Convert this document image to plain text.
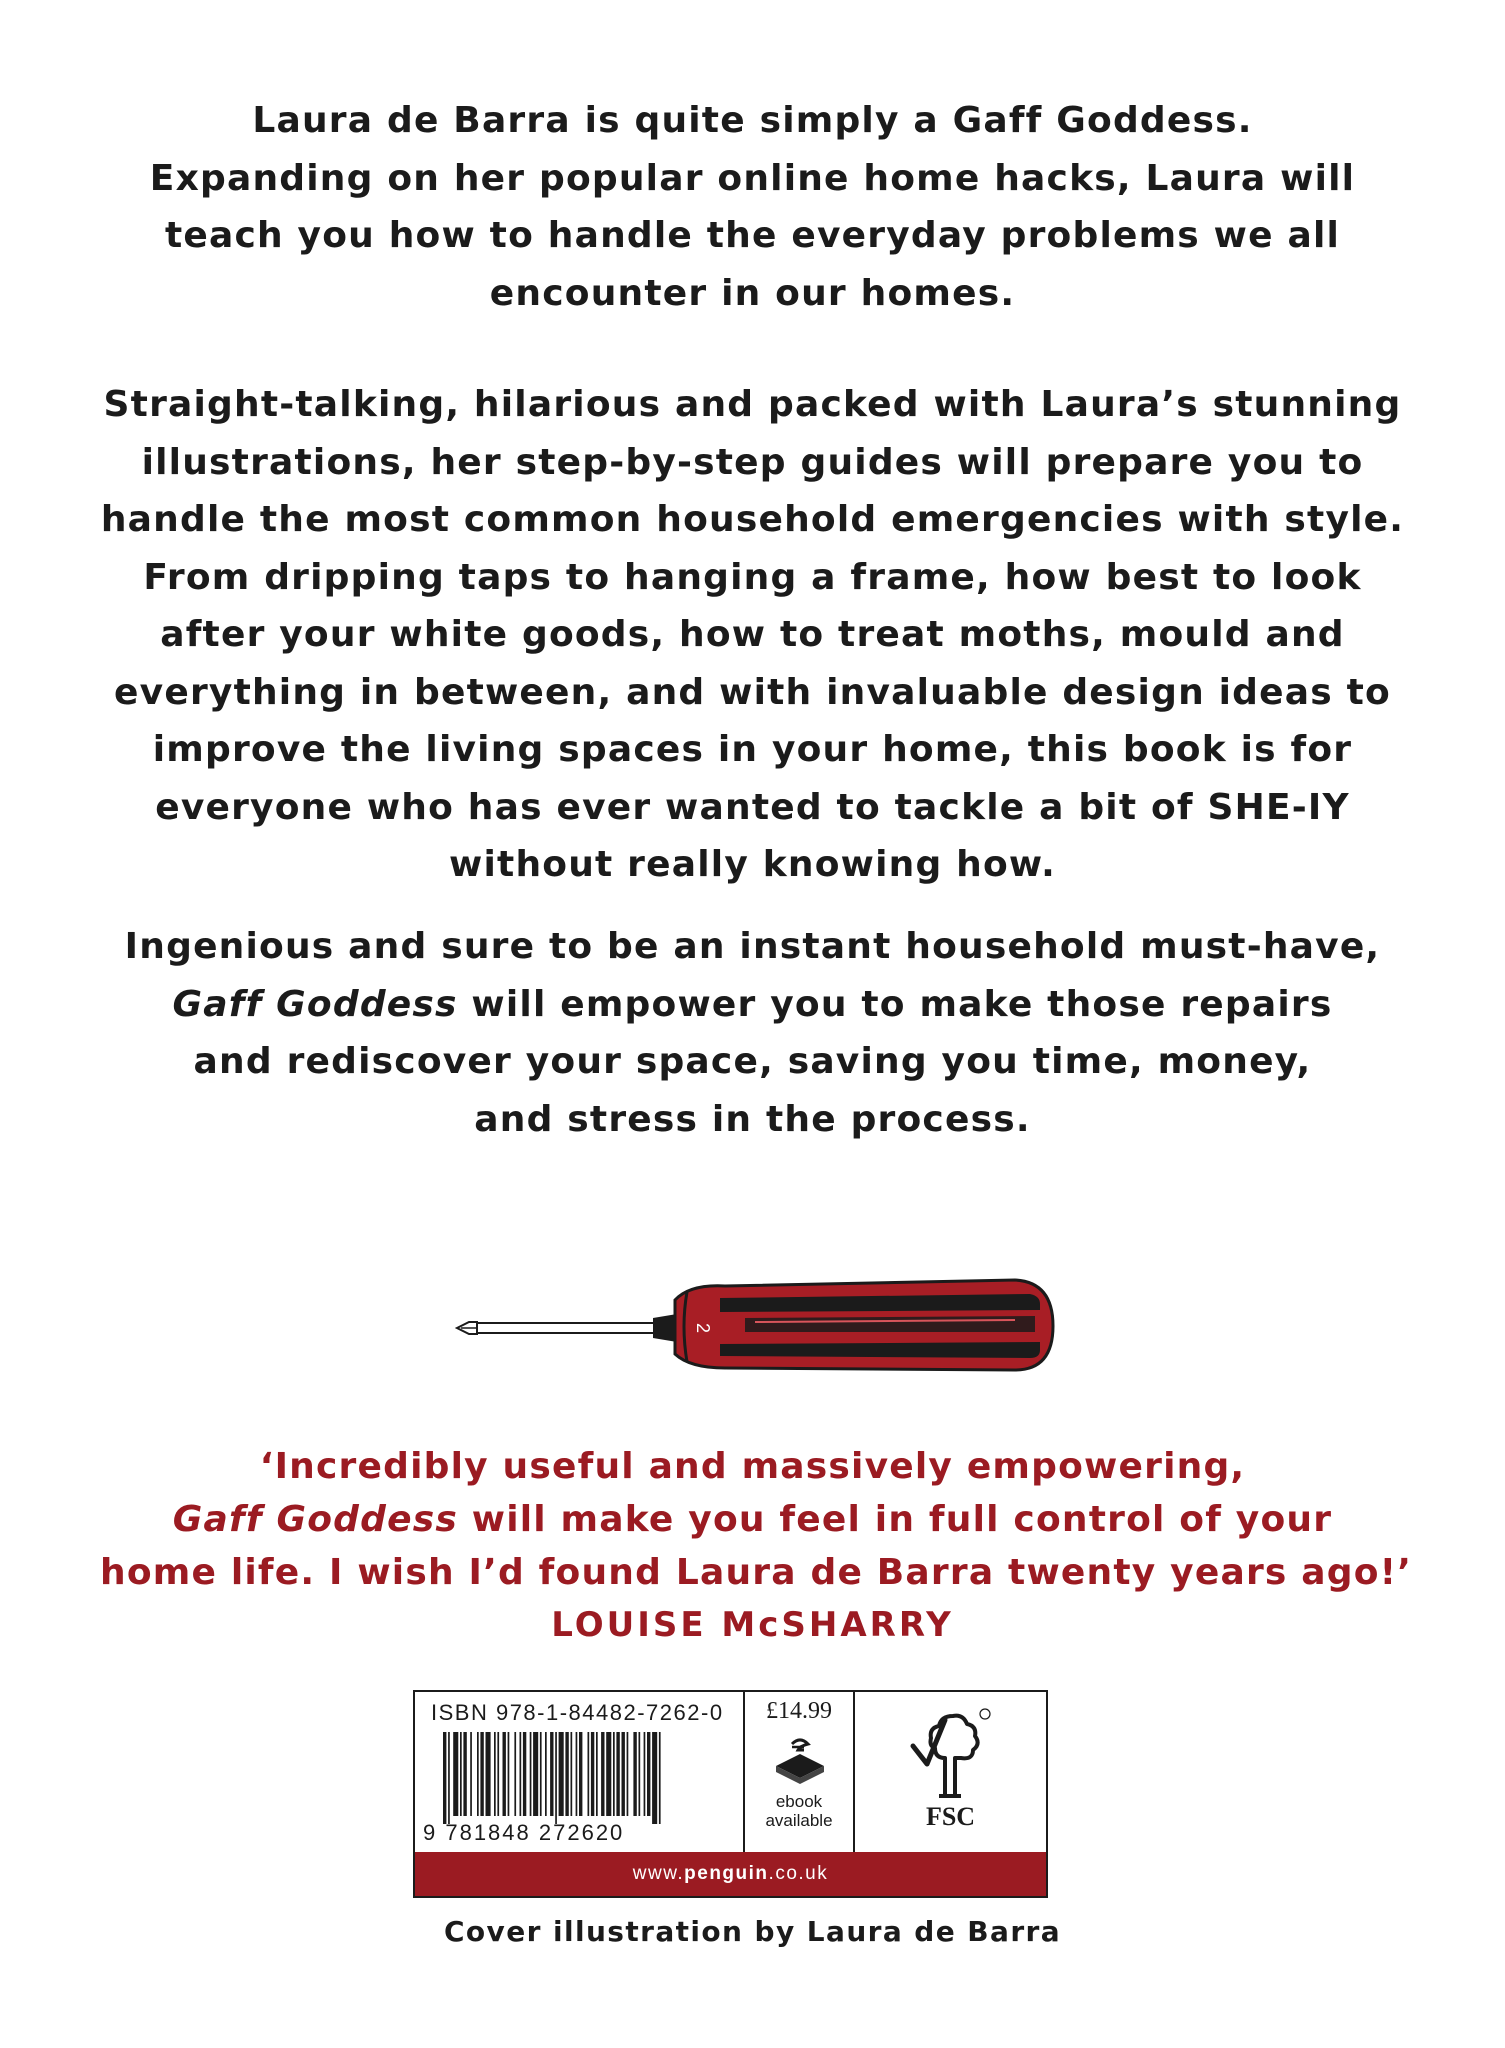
Laura de Barra is quite simply a Gaff Goddess.
Expanding on her popular online home hacks, Laura will
teach you how to handle the everyday problems we all
encounter in our homes.
Straight-talking, hilarious and packed with Laura’s stunning
illustrations, her step-by-step guides will prepare you to
handle the most common household emergencies with style.
From dripping taps to hanging a frame, how best to look
after your white goods, how to treat moths, mould and
everything in between, and with invaluable design ideas to
improve the living spaces in your home, this book is for
everyone who has ever wanted to tackle a bit of SHE-IY
without really knowing how.
Ingenious and sure to be an instant household must-have,
Gaff Goddess will empower you to make those repairs
and rediscover your space, saving you time, money,
and stress in the process.
2
‘Incredibly useful and massively empowering,
Gaff Goddess will make you feel in full control of your
home life. I wish I’d found Laura de Barra twenty years ago!’
LOUISE McSHARRY
ISBN 978-1-84482-7262-0
9 781848 272620
£14.99
ebook
available	FSC
www.penguin.co.uk
Cover illustration by Laura de Barra
